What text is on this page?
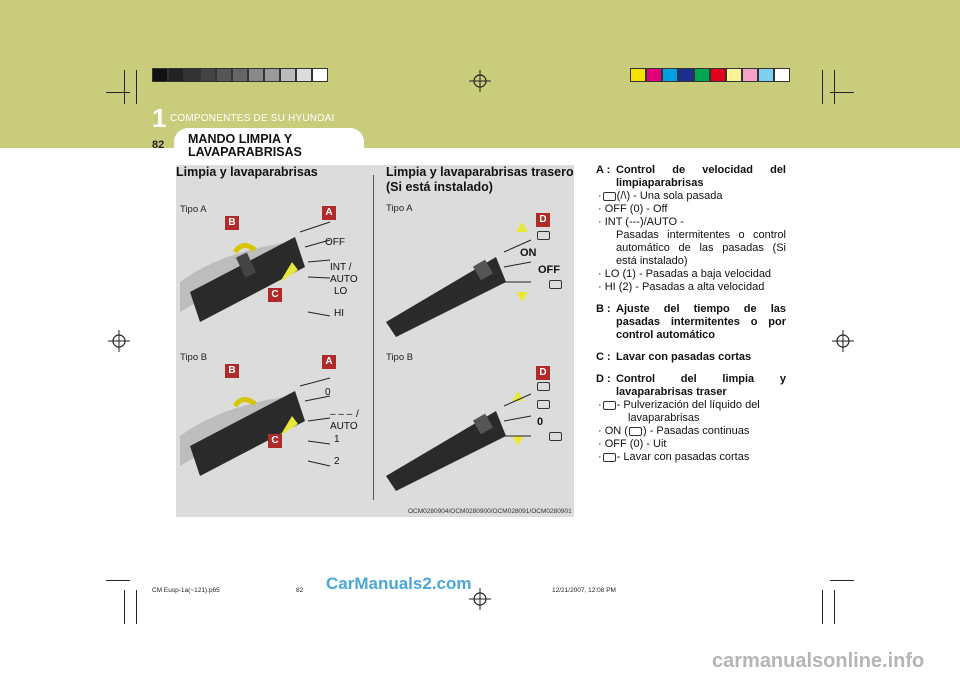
1 COMPONENTES DE SU HYUNDAI
82 MANDO LIMPIA Y LAVAPARABRISAS
Limpia y lavaparabrisas	Limpia y lavaparabrisas trasero
(Si está instalado)
Tipo A
Tipo B
Tipo A
Tipo B
B
A
C
B
A
C
D
D
OFF
INT /
AUTO
LO
HI
0
– – – /
AUTO
1
2
ON
OFF
0
OCM028090​4/OCM0280900/OCM028091/OCM0280901
A : Control de velocidad del limpiaparabrisas
· (/\) - Una sola pasada
· OFF (0) - Off
· INT (---)/AUTO -
Pasadas intermitentes o control automático de las pasadas (Si está instalado)
· LO (1) - Pasadas a baja velocidad
· HI (2) - Pasadas a alta velocidad
B : Ajuste del tiempo de las pasadas intermitentes o por control automático
C : Lavar con pasadas cortas
D : Control del limpia y lavaparabrisas traser
· - Pulverización del líquido del
lavaparabrisas
· ON ( ) - Pasadas continuas
· OFF (0) - Uit
· - Lavar con pasadas cortas
CM Eusp-1a(~121).p65	82	12/21/2007, 12:08 PM
CarManuals2.com
carmanualsonline.info
